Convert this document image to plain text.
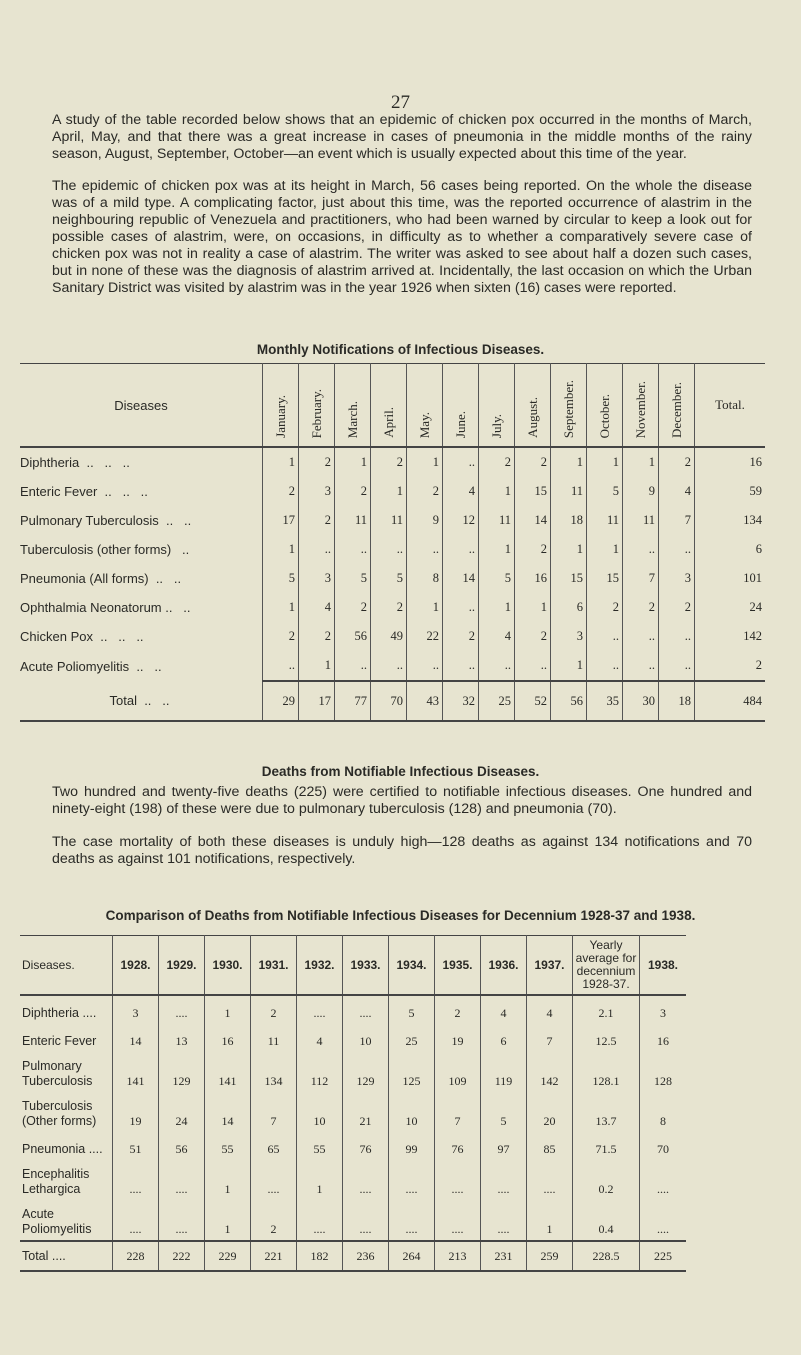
27

A study of the table recorded below shows that an epidemic of chicken pox occurred in the months of March, April, May, and that there was a great increase in cases of pneumonia in the middle months of the rainy season, August, September, October—an event which is usually expected about this time of the year.

The epidemic of chicken pox was at its height in March, 56 cases being reported. On the whole the disease was of a mild type. A complicating factor, just about this time, was the reported occurrence of alastrim in the neighbouring republic of Venezuela and practitioners, who had been warned by circular to keep a look out for possible cases of alastrim, were, on occasions, in difficulty as to whether a comparatively severe case of chicken pox was not in reality a case of alastrim. The writer was asked to see about half a dozen such cases, but in none of these was the diagnosis of alastrim arrived at. Incidentally, the last occasion on which the Urban Sanitary District was visited by alastrim was in the year 1926 when sixten (16) cases were reported.

Monthly Notifications of Infectious Diseases.
Diseases	January.	February.	March.	April.	May.	June.	July.	August.	September.	October.	November.	December.	Total.
Diphtheria  ..   ..   ..	1	2	1	2	1	..	2	2	1	1	1	2	16
Enteric Fever  ..   ..   ..	2	3	2	1	2	4	1	15	11	5	9	4	59
Pulmonary Tuberculosis  ..   ..	17	2	11	11	9	12	11	14	18	11	11	7	134
Tuberculosis (other forms)   ..	1	..	..	..	..	..	1	2	1	1	..	..	6
Pneumonia (All forms)  ..   ..	5	3	5	5	8	14	5	16	15	15	7	3	101
Ophthalmia Neonatorum ..   ..	1	4	2	2	1	..	1	1	6	2	2	2	24
Chicken Pox  ..   ..   ..	2	2	56	49	22	2	4	2	3	..	..	..	142
Acute Poliomyelitis  ..   ..	..	1	..	..	..	..	..	..	1	..	..	..	2
Total  ..   ..	29	17	77	70	43	32	25	52	56	35	30	18	484
Deaths from Notifiable Infectious Diseases.

Two hundred and twenty-five deaths (225) were certified to notifiable infectious diseases. One hundred and ninety-eight (198) of these were due to pulmonary tuberculosis (128) and pneumonia (70).

The case mortality of both these diseases is unduly high—128 deaths as against 134 notifications and 70 deaths as against 101 notifications, respectively.

Comparison of Deaths from Notifiable Infectious Diseases for Decennium 1928-37 and 1938.
Diseases.	1928.	1929.	1930.	1931.	1932.	1933.	1934.	1935.	1936.	1937.	Yearly average for decennium 1928-37.	1938.
Diphtheria ....	3	....	1	2	....	....	5	2	4	4	2.1	3
Enteric Fever	14	13	16	11	4	10	25	19	6	7	12.5	16
Pulmonary Tuberculosis	141	129	141	134	112	129	125	109	119	142	128.1	128
Tuberculosis (Other forms)	19	24	14	7	10	21	10	7	5	20	13.7	8
Pneumonia ....	51	56	55	65	55	76	99	76	97	85	71.5	70
Encephalitis Lethargica	....	....	1	....	1	....	....	....	....	....	0.2	....
Acute Poliomyelitis	....	....	1	2	....	....	....	....	....	1	0.4	....
Total ....	228	222	229	221	182	236	264	213	231	259	228.5	225
